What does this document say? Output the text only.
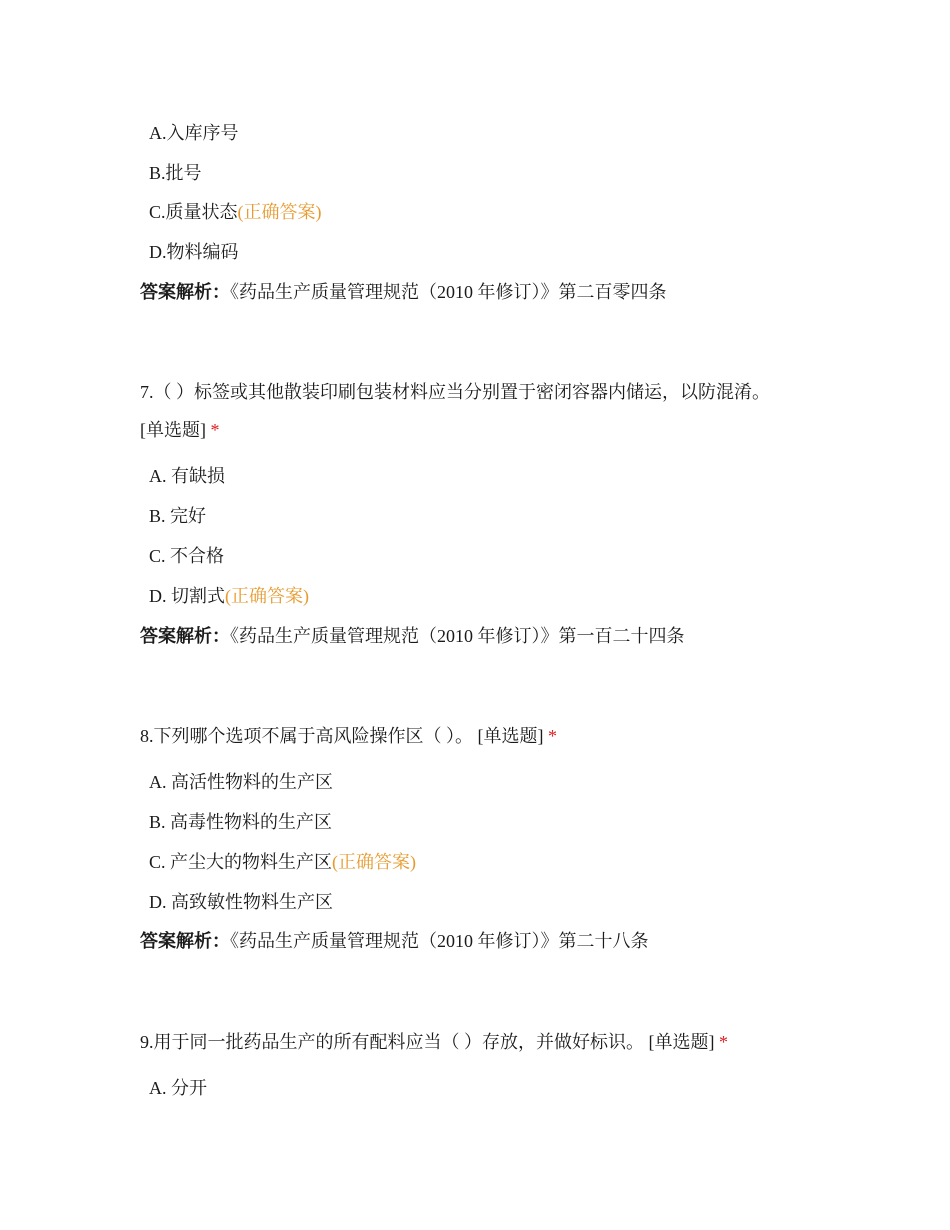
A.入库序号
B.批号
C.质量状态(正确答案)
D.物料编码
答案解析：《药品生产质量管理规范（2010 年修订）》第二百零四条
7.（ ）标签或其他散装印刷包装材料应当分别置于密闭容器内储运，以防混淆。
[单选题] *
A. 有缺损
B. 完好
C. 不合格
D. 切割式(正确答案)
答案解析：《药品生产质量管理规范（2010 年修订）》第一百二十四条
8.下列哪个选项不属于高风险操作区（ ）。 [单选题] *
A. 高活性物料的生产区
B. 高毒性物料的生产区
C. 产尘大的物料生产区(正确答案)
D. 高致敏性物料生产区
答案解析：《药品生产质量管理规范（2010 年修订）》第二十八条
9.用于同一批药品生产的所有配料应当（ ）存放，并做好标识。 [单选题] *
A. 分开
